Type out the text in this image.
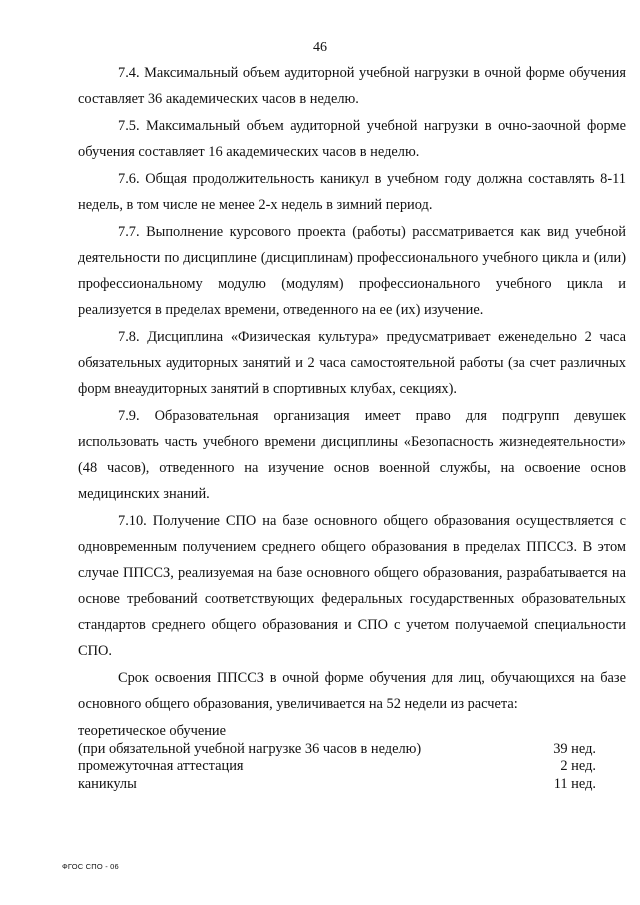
46

7.4. Максимальный объем аудиторной учебной нагрузки в очной форме обучения составляет 36 академических часов в неделю.

7.5. Максимальный объем аудиторной учебной нагрузки в очно-заочной форме обучения составляет 16 академических часов в неделю.

7.6. Общая продолжительность каникул в учебном году должна составлять 8-11 недель, в том числе не менее 2-х недель в зимний период.

7.7. Выполнение курсового проекта (работы) рассматривается как вид учебной деятельности по дисциплине (дисциплинам) профессионального учебного цикла и (или) профессиональному модулю (модулям) профессионального учебного цикла и реализуется в пределах времени, отведенного на ее (их) изучение.

7.8. Дисциплина «Физическая культура» предусматривает еженедельно 2 часа обязательных аудиторных занятий и 2 часа самостоятельной работы (за счет различных форм внеаудиторных занятий в спортивных клубах, секциях).

7.9. Образовательная организация имеет право для подгрупп девушек использовать часть учебного времени дисциплины «Безопасность жизнедеятельности» (48 часов), отведенного на изучение основ военной службы, на освоение основ медицинских знаний.

7.10. Получение СПО на базе основного общего образования осуществляется с одновременным получением среднего общего образования в пределах ППССЗ. В этом случае ППССЗ, реализуемая на базе основного общего образования, разрабатывается на основе требований соответствующих федеральных государственных образовательных стандартов среднего общего образования и СПО с учетом получаемой специальности СПО.

Срок освоения ППССЗ в очной форме обучения для лиц, обучающихся на базе основного общего образования, увеличивается на 52 недели из расчета:

теоретическое обучение
(при обязательной учебной нагрузке 36 часов в неделю)	39 нед.
промежуточная аттестация	2 нед.
каникулы	11 нед.
ФГОС СПО - 06
